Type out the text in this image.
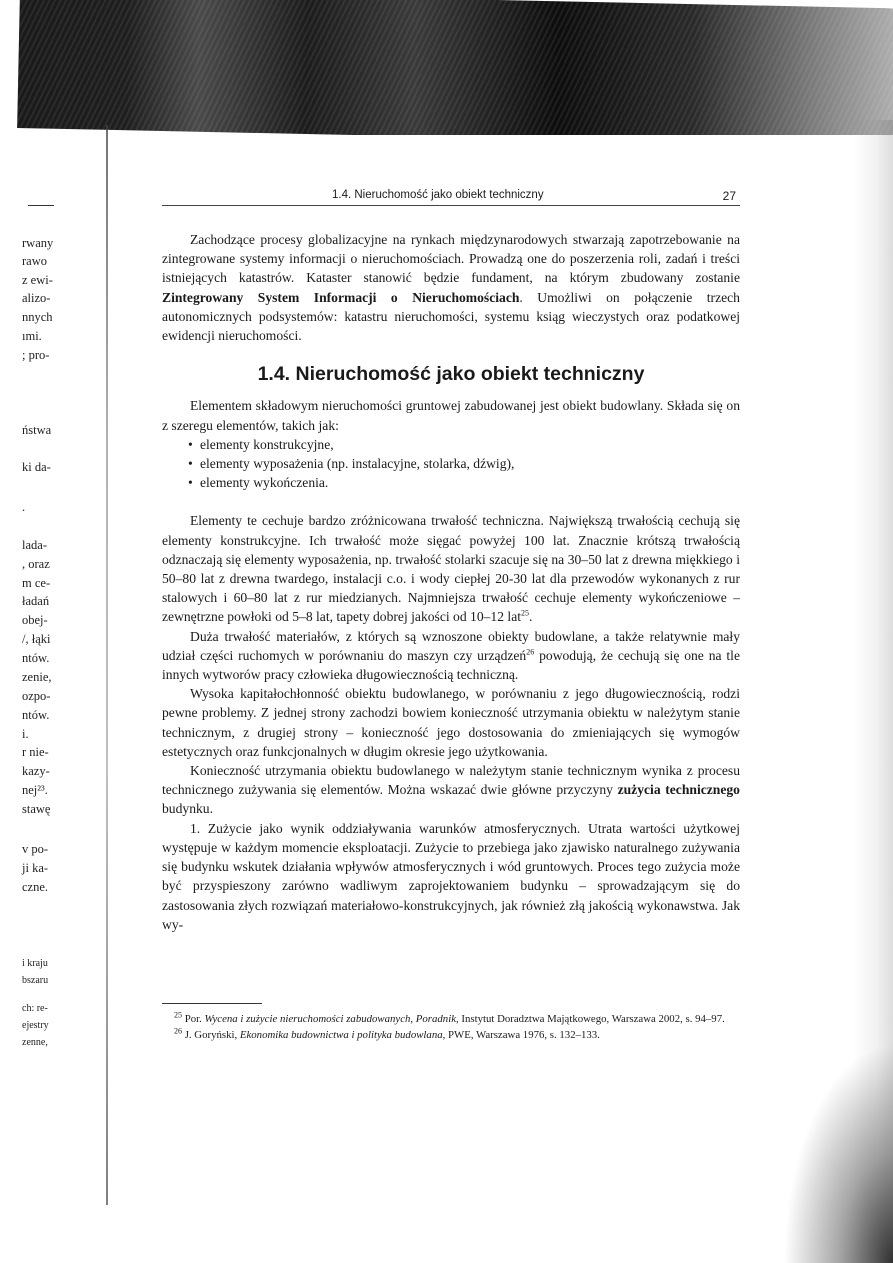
rwany
rawo
z ewi-
alizo-
nnych
ımi.
; pro-
ństwa
ki da-
.
lada-
, oraz
m ce-
ładań
obej-
/, łąki
ntów.
zenie,
ozpo-
ntów.
i.
r nie-
kazy-
nej²³.
stawę
v po-
ji ka-
czne.
i kraju
bszaru
ch: re-
ejestry
zenne,
1.4. Nieruchomość jako obiekt techniczny	27

Zachodzące procesy globalizacyjne na rynkach międzynarodowych stwarzają zapotrzebowanie na zintegrowane systemy informacji o nieruchomościach. Prowadzą one do poszerzenia roli, zadań i treści istniejących katastrów. Kataster stanowić będzie fundament, na którym zbudowany zostanie Zintegrowany System Informacji o Nieruchomościach. Umożliwi on połączenie trzech autonomicznych podsystemów: katastru nieruchomości, systemu ksiąg wieczystych oraz podatkowej ewidencji nieruchomości.

1.4. Nieruchomość jako obiekt techniczny

Elementem składowym nieruchomości gruntowej zabudowanej jest obiekt budowlany. Składa się on z szeregu elementów, takich jak:

• elementy konstrukcyjne,
• elementy wyposażenia (np. instalacyjne, stolarka, dźwig),
• elementy wykończenia.

Elementy te cechuje bardzo zróżnicowana trwałość techniczna. Największą trwałością cechują się elementy konstrukcyjne. Ich trwałość może sięgać powyżej 100 lat. Znacznie krótszą trwałością odznaczają się elementy wyposażenia, np. trwałość stolarki szacuje się na 30–50 lat z drewna miękkiego i 50–80 lat z drewna twardego, instalacji c.o. i wody ciepłej 20-30 lat dla przewodów wykonanych z rur stalowych i 60–80 lat z rur miedzianych. Najmniejsza trwałość cechuje elementy wykończeniowe – zewnętrzne powłoki od 5–8 lat, tapety dobrej jakości od 10–12 lat$^{25}$.

Duża trwałość materiałów, z których są wznoszone obiekty budowlane, a także relatywnie mały udział części ruchomych w porównaniu do maszyn czy urządzeń$^{26}$ powodują, że cechują się one na tle innych wytworów pracy człowieka długowiecznością techniczną.

Wysoka kapitałochłonność obiektu budowlanego, w porównaniu z jego długowiecznością, rodzi pewne problemy. Z jednej strony zachodzi bowiem konieczność utrzymania obiektu w należytym stanie technicznym, z drugiej strony – konieczność jego dostosowania do zmieniających się wymogów estetycznych oraz funkcjonalnych w długim okresie jego użytkowania.

Konieczność utrzymania obiektu budowlanego w należytym stanie technicznym wynika z procesu technicznego zużywania się elementów. Można wskazać dwie główne przyczyny zużycia technicznego budynku.

1. Zużycie jako wynik oddziaływania warunków atmosferycznych. Utrata wartości użytkowej występuje w każdym momencie eksploatacji. Zużycie to przebiega jako zjawisko naturalnego zużywania się budynku wskutek działania wpływów atmosferycznych i wód gruntowych. Proces tego zużycia może być przyspieszony zarówno wadliwym zaprojektowaniem budynku – sprowadzającym się do zastosowania złych rozwiązań materiałowo-konstrukcyjnych, jak również złą jakością wykonawstwa. Jak wy-

$^{25}$ Por. Wycena i zużycie nieruchomości zabudowanych, Poradnik, Instytut Doradztwa Majątkowego, Warszawa 2002, s. 94–97.

$^{26}$ J. Goryński, Ekonomika budownictwa i polityka budowlana, PWE, Warszawa 1976, s. 132–133.
